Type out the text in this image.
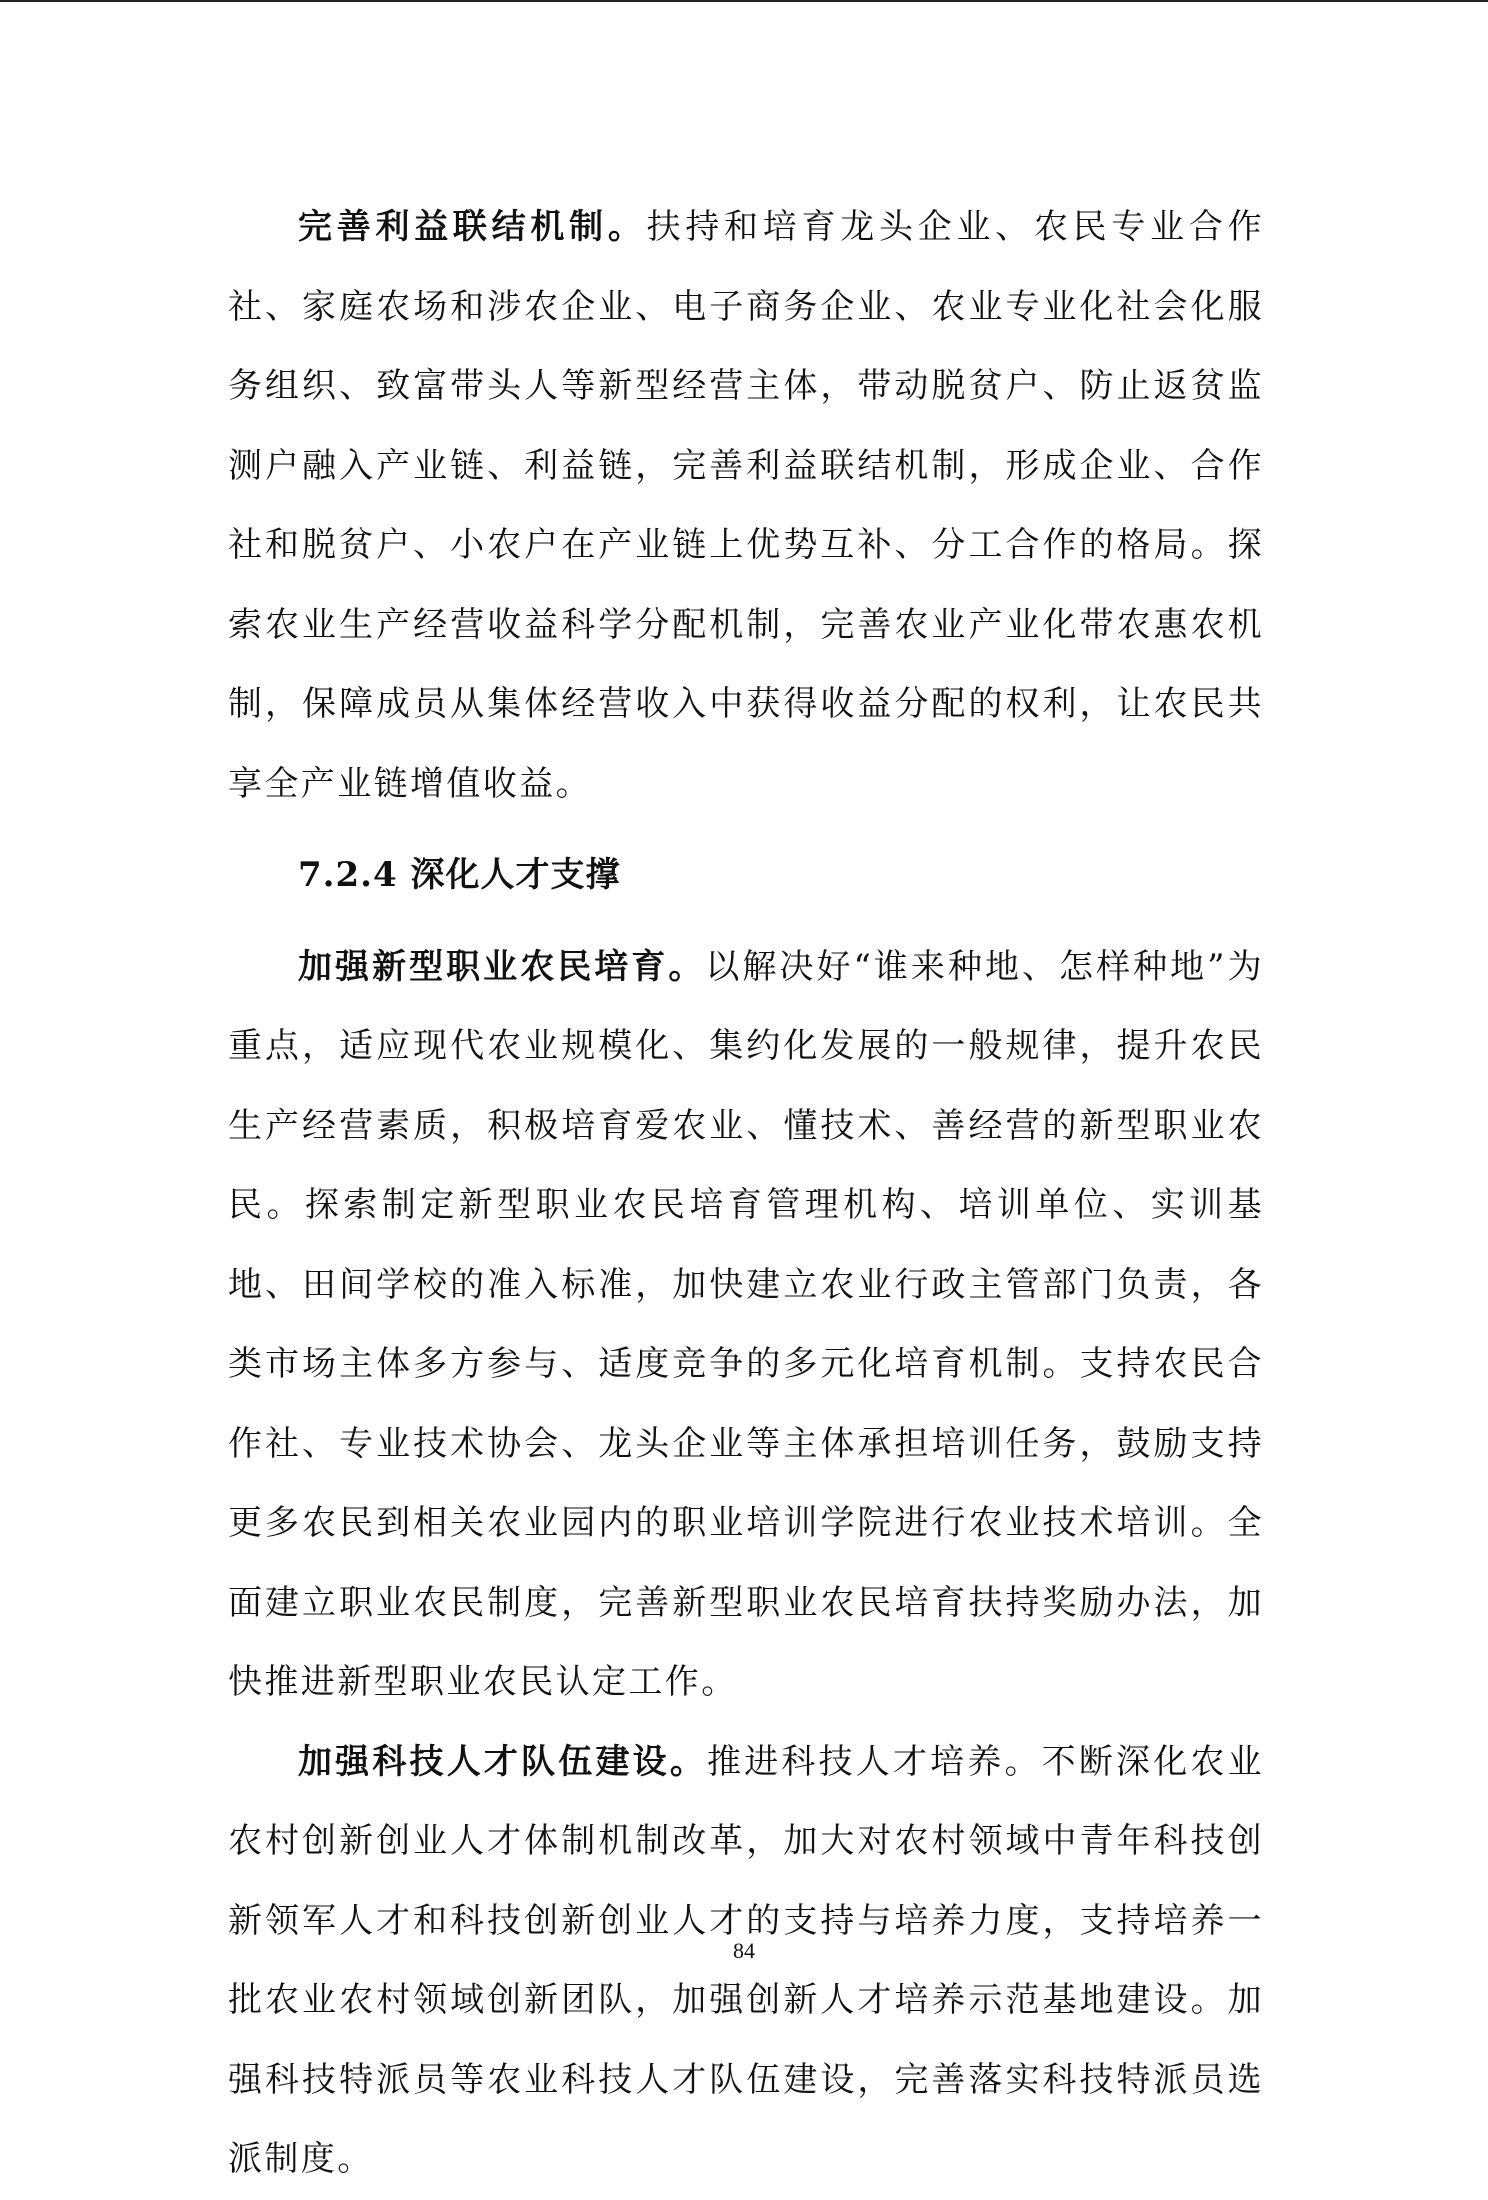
完善利益联结机制。扶持和培育龙头企业、农民专业合作社、家庭农场和涉农企业、电子商务企业、农业专业化社会化服务组织、致富带头人等新型经营主体，带动脱贫户、防止返贫监测户融入产业链、利益链，完善利益联结机制，形成企业、合作社和脱贫户、小农户在产业链上优势互补、分工合作的格局。探索农业生产经营收益科学分配机制，完善农业产业化带农惠农机制，保障成员从集体经营收入中获得收益分配的权利，让农民共享全产业链增值收益。

7.2.4 深化人才支撑

加强新型职业农民培育。以解决好“谁来种地、怎样种地”为重点，适应现代农业规模化、集约化发展的一般规律，提升农民生产经营素质，积极培育爱农业、懂技术、善经营的新型职业农民。探索制定新型职业农民培育管理机构、培训单位、实训基地、田间学校的准入标准，加快建立农业行政主管部门负责，各类市场主体多方参与、适度竞争的多元化培育机制。支持农民合作社、专业技术协会、龙头企业等主体承担培训任务，鼓励支持更多农民到相关农业园内的职业培训学院进行农业技术培训。全面建立职业农民制度，完善新型职业农民培育扶持奖励办法，加快推进新型职业农民认定工作。

加强科技人才队伍建设。推进科技人才培养。不断深化农业农村创新创业人才体制机制改革，加大对农村领域中青年科技创新领军人才和科技创新创业人才的支持与培养力度，支持培养一批农业农村领域创新团队，加强创新人才培养示范基地建设。加强科技特派员等农业科技人才队伍建设，完善落实科技特派员选派制度。

84
